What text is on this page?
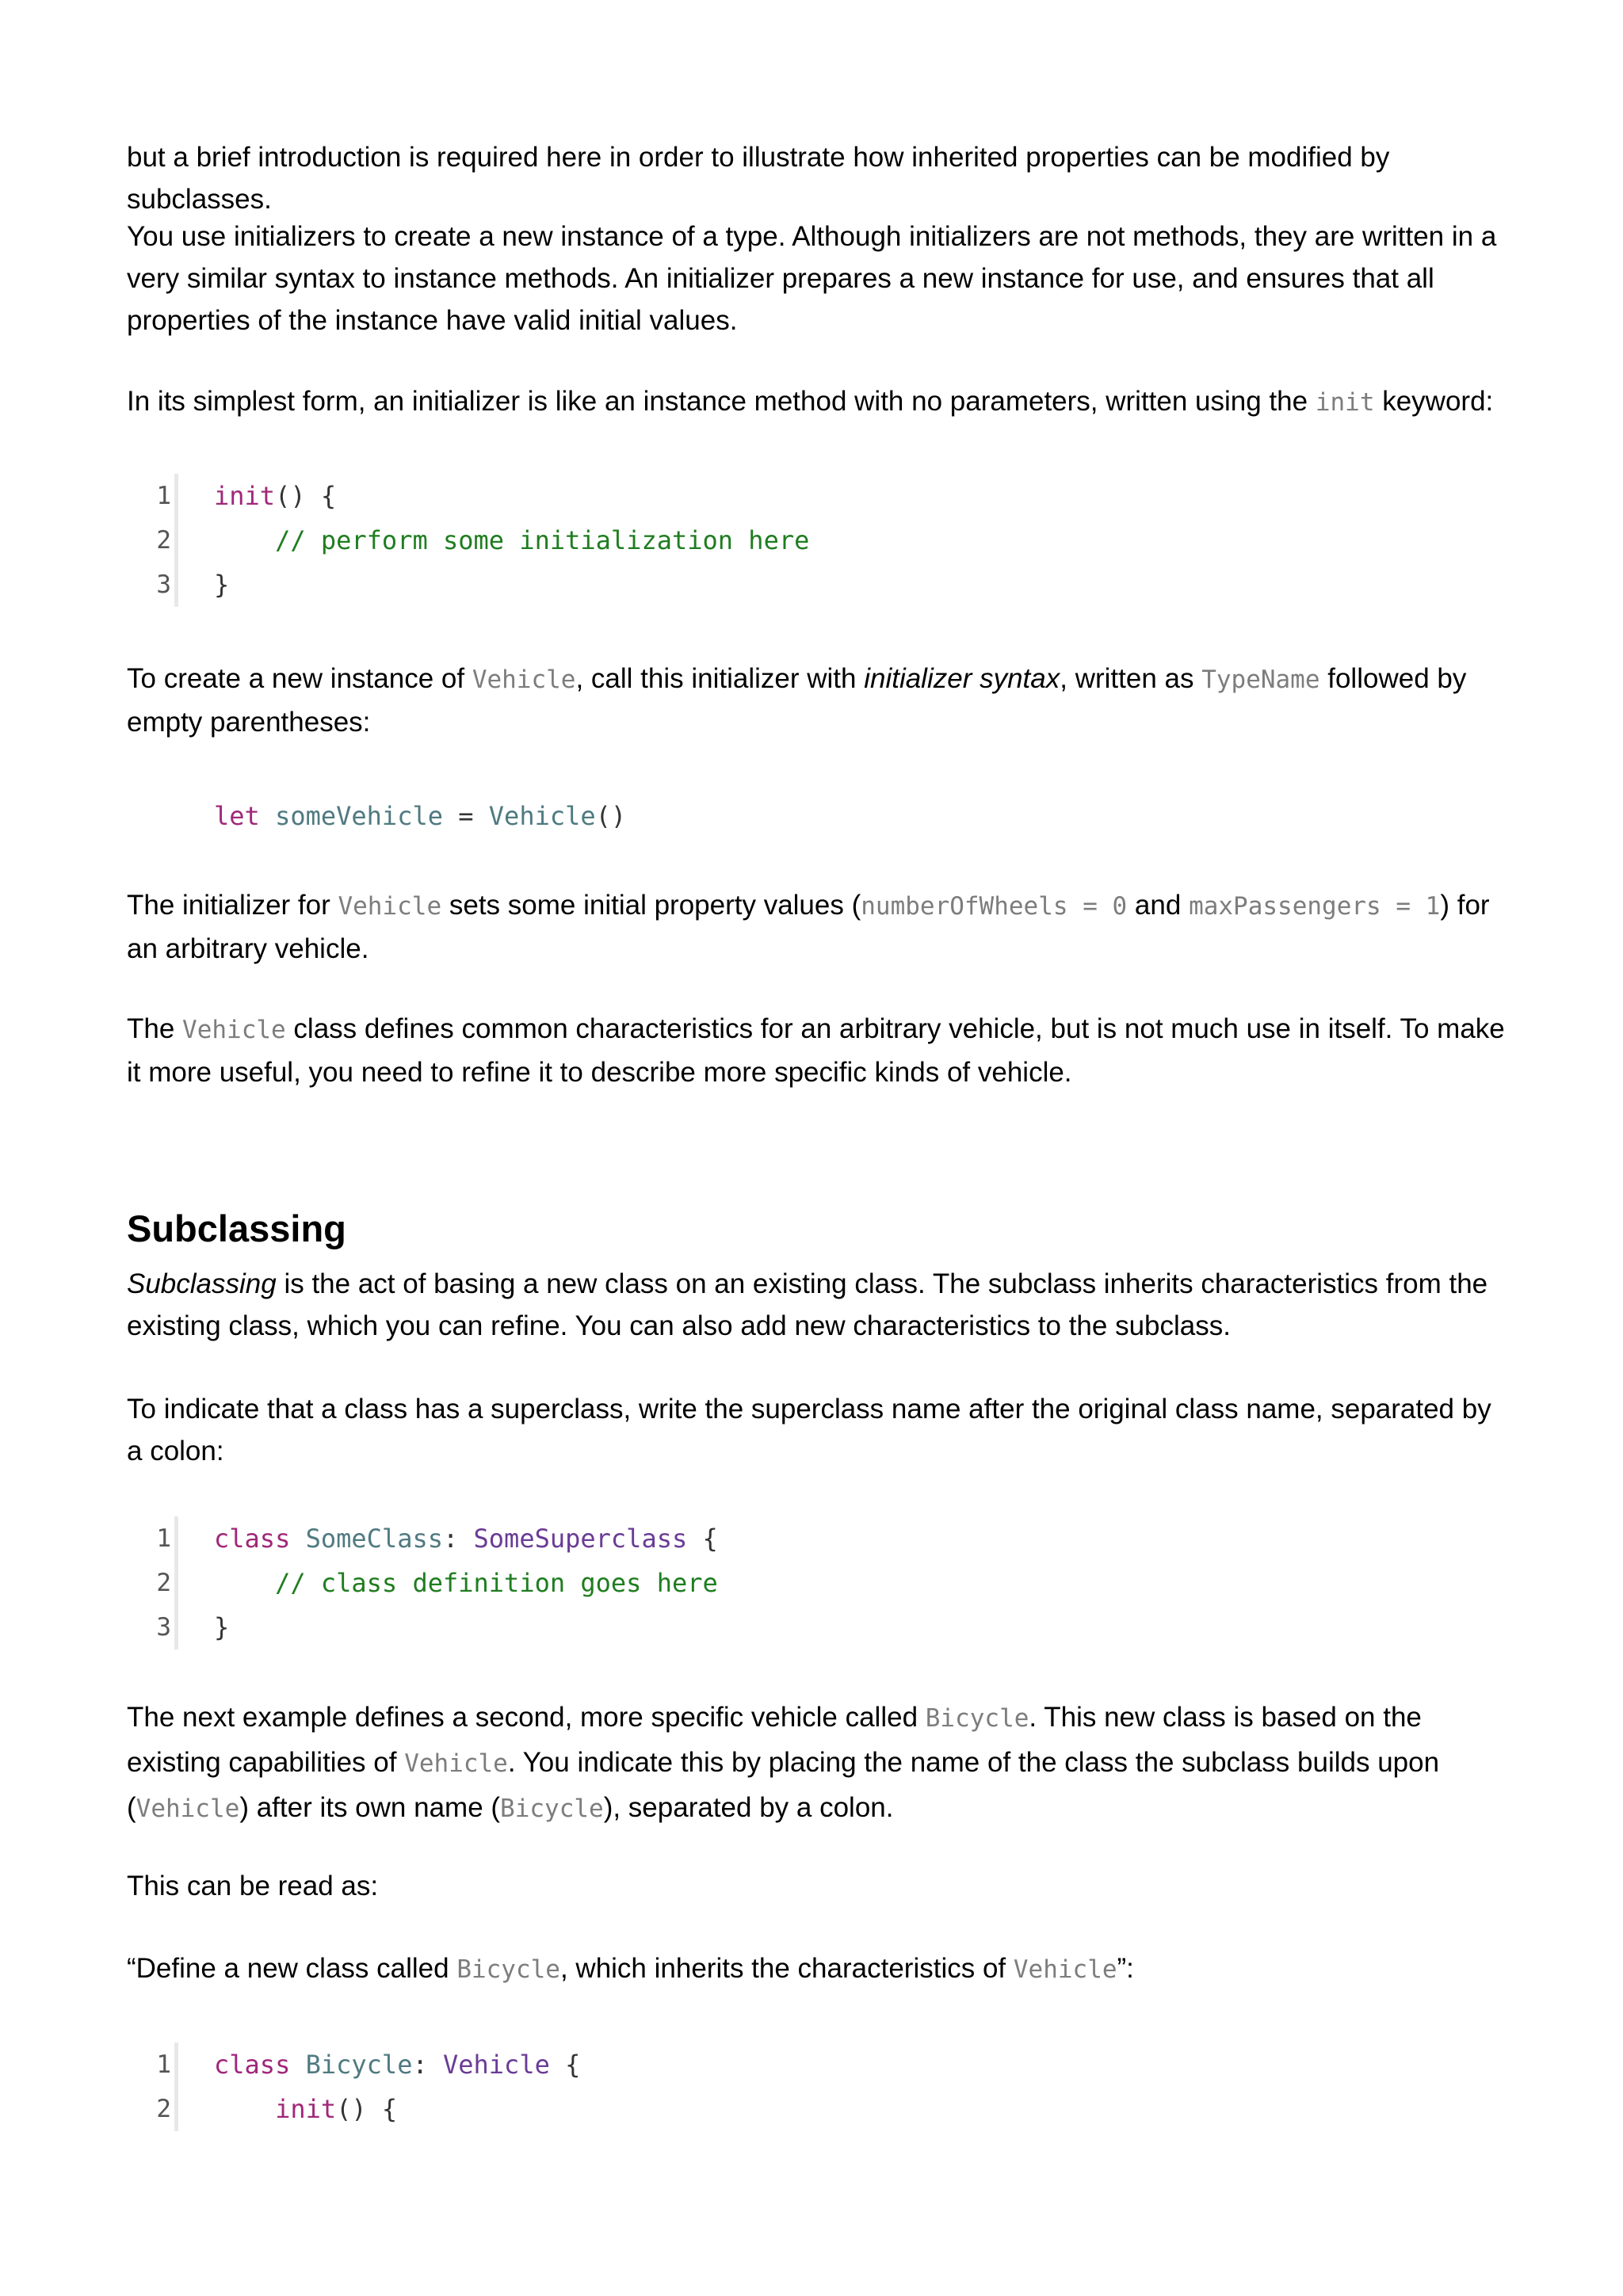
but a brief introduction is required here in order to illustrate how inherited properties can be modified by subclasses.

You use initializers to create a new instance of a type. Although initializers are not methods, they are written in a very similar syntax to instance methods. An initializer prepares a new instance for use, and ensures that all properties of the instance have valid initial values.

In its simplest form, an initializer is like an instance method with no parameters, written using the init keyword:

1 init() {
2	// perform some initialization here
3 }

To create a new instance of Vehicle, call this initializer with initializer syntax, written as TypeName followed by empty parentheses:

let someVehicle = Vehicle()

The initializer for Vehicle sets some initial property values (numberOfWheels = 0 and maxPassengers = 1) for an arbitrary vehicle.

The Vehicle class defines common characteristics for an arbitrary vehicle, but is not much use in itself. To make it more useful, you need to refine it to describe more specific kinds of vehicle.

Subclassing

Subclassing is the act of basing a new class on an existing class. The subclass inherits characteristics from the existing class, which you can refine. You can also add new characteristics to the subclass.

To indicate that a class has a superclass, write the superclass name after the original class name, separated by a colon:

1 class SomeClass: SomeSuperclass {
2	// class definition goes here
3 }

The next example defines a second, more specific vehicle called Bicycle. This new class is based on the existing capabilities of Vehicle. You indicate this by placing the name of the class the subclass builds upon (Vehicle) after its own name (Bicycle), separated by a colon.

This can be read as:

“Define a new class called Bicycle, which inherits the characteristics of Vehicle”:

1 class Bicycle: Vehicle {
2	init() {
